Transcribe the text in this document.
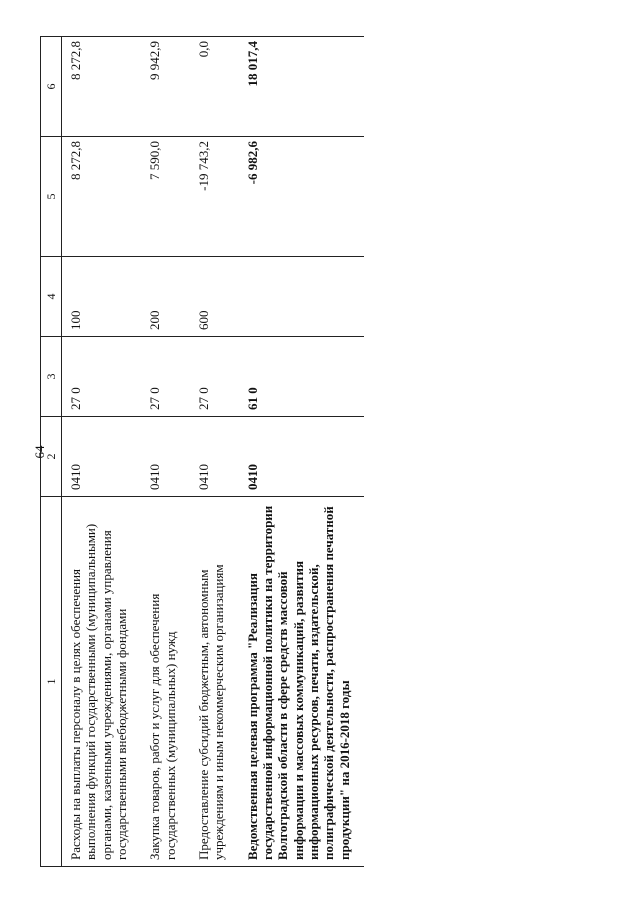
64
1	2	3	4	5	6
Расходы на выплаты персоналу в целях обеспечения выполнения функций государственными (муниципальными) органами, казенными учреждениями, органами управления государственными внебюджетными фондами	0410	27 0	100	8 272,8	8 272,8
Закупка товаров, работ и услуг для обеспечения государственных (муниципальных) нужд	0410	27 0	200	7 590,0	9 942,9
Предоставление субсидий бюджетным, автономным учреждениям и иным некоммерческим организациям	0410	27 0	600	-19 743,2	0,0
Ведомственная целевая программа "Реализация государственной информационной политики на территории Волгоградской области в сфере средств массовой информации и массовых коммуникаций, развития информационных ресурсов, печати, издательской, полиграфической деятельности, распространения печатной продукции" на 2016-2018 годы	0410	61 0		-6 982,6	18 017,4
